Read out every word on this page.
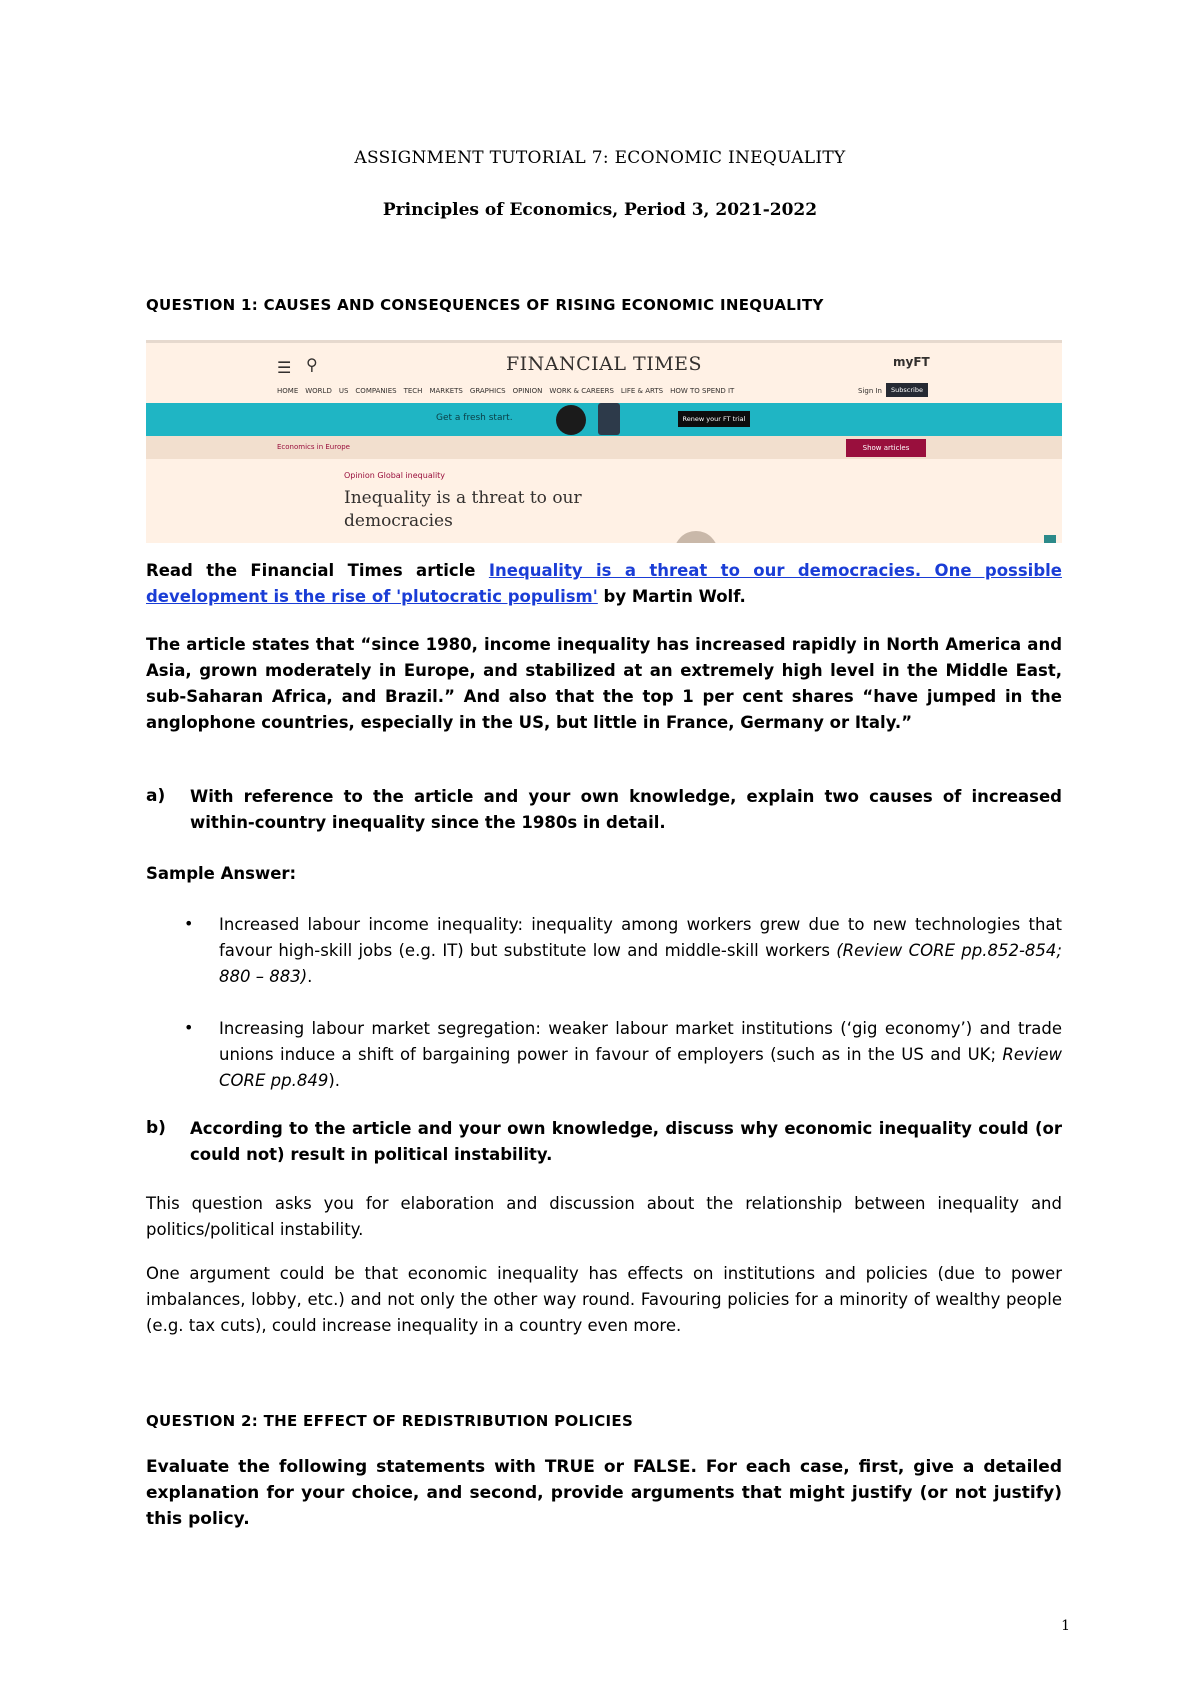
ASSIGNMENT TUTORIAL 7: ECONOMIC INEQUALITY
Principles of Economics, Period 3, 2021-2022
QUESTION 1: CAUSES AND CONSEQUENCES OF RISING ECONOMIC INEQUALITY
☰ ⚲	FINANCIAL TIMES	myFT
HOME WORLD US COMPANIES TECH MARKETS GRAPHICS OPINION WORK & CAREERS LIFE & ARTS HOW TO SPEND IT	Sign In	Subscribe
Get a fresh start.	Renew your FT trial
Economics in Europe	Show articles
Opinion Global inequality
Inequality is a threat to our democracies
Read the Financial Times article Inequality is a threat to our democracies. One possible development is the rise of 'plutocratic populism' by Martin Wolf.
The article states that “since 1980, income inequality has increased rapidly in North America and Asia, grown moderately in Europe, and stabilized at an extremely high level in the Middle East, sub-Saharan Africa, and Brazil.” And also that the top 1 per cent shares “have jumped in the anglophone countries, especially in the US, but little in France, Germany or Italy.”
a) With reference to the article and your own knowledge, explain two causes of increased within-country inequality since the 1980s in detail.
Sample Answer:
• Increased labour income inequality: inequality among workers grew due to new technologies that favour high-skill jobs (e.g. IT) but substitute low and middle-skill workers (Review CORE pp.852-854; 880 – 883).
• Increasing labour market segregation: weaker labour market institutions (‘gig economy’) and trade unions induce a shift of bargaining power in favour of employers (such as in the US and UK; Review CORE pp.849).
b) According to the article and your own knowledge, discuss why economic inequality could (or could not) result in political instability.
This question asks you for elaboration and discussion about the relationship between inequality and politics/political instability.
One argument could be that economic inequality has effects on institutions and policies (due to power imbalances, lobby, etc.) and not only the other way round. Favouring policies for a minority of wealthy people (e.g. tax cuts), could increase inequality in a country even more.
QUESTION 2: THE EFFECT OF REDISTRIBUTION POLICIES
Evaluate the following statements with TRUE or FALSE. For each case, first, give a detailed explanation for your choice, and second, provide arguments that might justify (or not justify) this policy.
1
